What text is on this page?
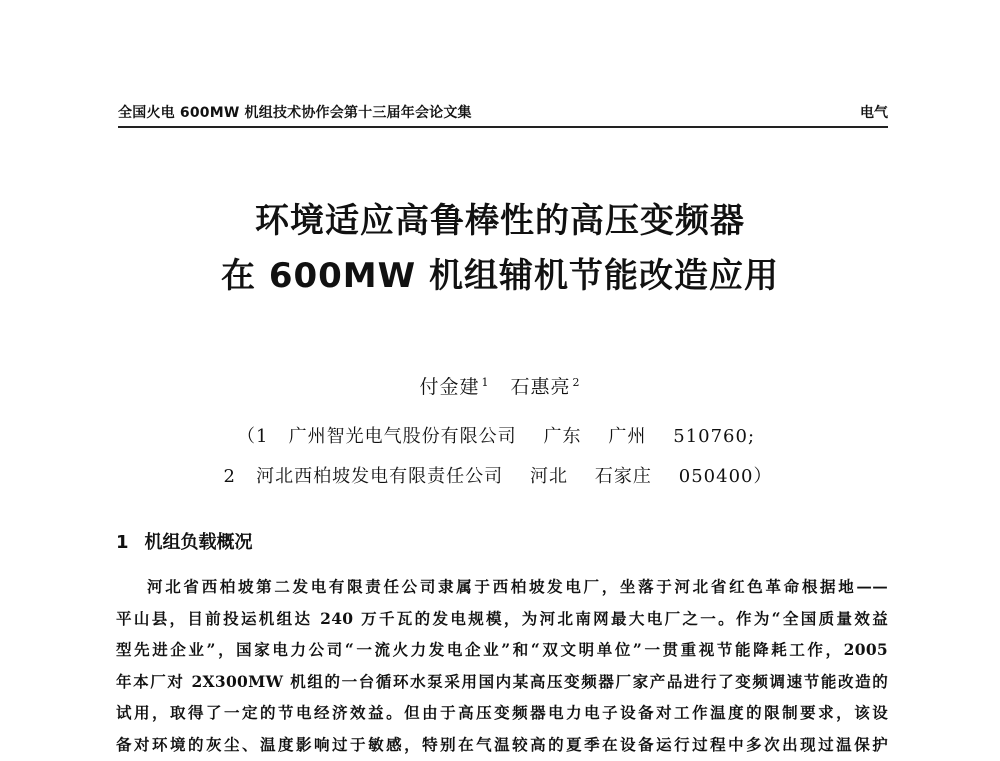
全国火电 600MW 机组技术协作会第十三届年会论文集	电气
环境适应高鲁棒性的高压变频器
在 600MW 机组辅机节能改造应用
付金建 $^1$ 石惠亮 $^2$
（1   广州智光电气股份有限公司    广东    广州    510760;
2   河北西柏坡发电有限责任公司    河北    石家庄    050400）
1 机组负载概况
河北省西柏坡第二发电有限责任公司隶属于西柏坡发电厂，坐落于河北省红色革命根据地——
平山县，目前投运机组达 240 万千瓦的发电规模，为河北南网最大电厂之一。作为“全国质量效益
型先进企业”，国家电力公司“一流火力发电企业”和“双文明单位”一贯重视节能降耗工作，2005
年本厂对 2X300MW 机组的一台循环水泵采用国内某高压变频器厂家产品进行了变频调速节能改造的
试用，取得了一定的节电经济效益。但由于高压变频器电力电子设备对工作温度的限制要求，该设
备对环境的灰尘、温度影响过于敏感，特别在气温较高的夏季在设备运行过程中多次出现过温保护
